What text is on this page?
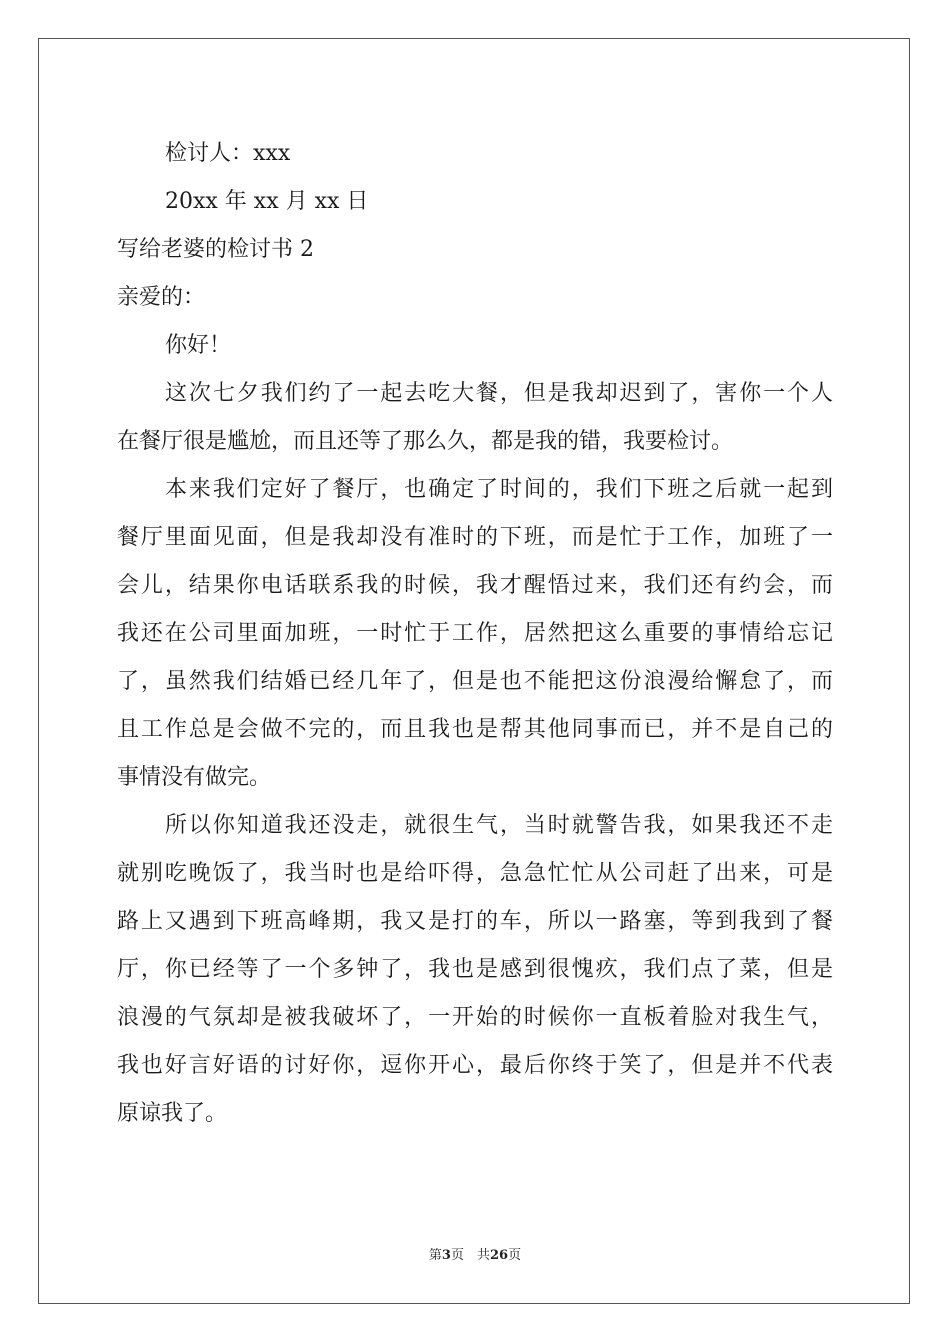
检讨人：xxx
20xx 年 xx 月 xx 日
写给老婆的检讨书 2
亲爱的：
你好！
这次七夕我们约了一起去吃大餐，但是我却迟到了，害你一个人
在餐厅很是尴尬，而且还等了那么久，都是我的错，我要检讨。
本来我们定好了餐厅，也确定了时间的，我们下班之后就一起到
餐厅里面见面，但是我却没有准时的下班，而是忙于工作，加班了一
会儿，结果你电话联系我的时候，我才醒悟过来，我们还有约会，而
我还在公司里面加班，一时忙于工作，居然把这么重要的事情给忘记
了，虽然我们结婚已经几年了，但是也不能把这份浪漫给懈怠了，而
且工作总是会做不完的，而且我也是帮其他同事而已，并不是自己的
事情没有做完。
所以你知道我还没走，就很生气，当时就警告我，如果我还不走
就别吃晚饭了，我当时也是给吓得，急急忙忙从公司赶了出来，可是
路上又遇到下班高峰期，我又是打的车，所以一路塞，等到我到了餐
厅，你已经等了一个多钟了，我也是感到很愧疚，我们点了菜，但是
浪漫的气氛却是被我破坏了，一开始的时候你一直板着脸对我生气，
我也好言好语的讨好你，逗你开心，最后你终于笑了，但是并不代表
原谅我了。
第3页　共26页
